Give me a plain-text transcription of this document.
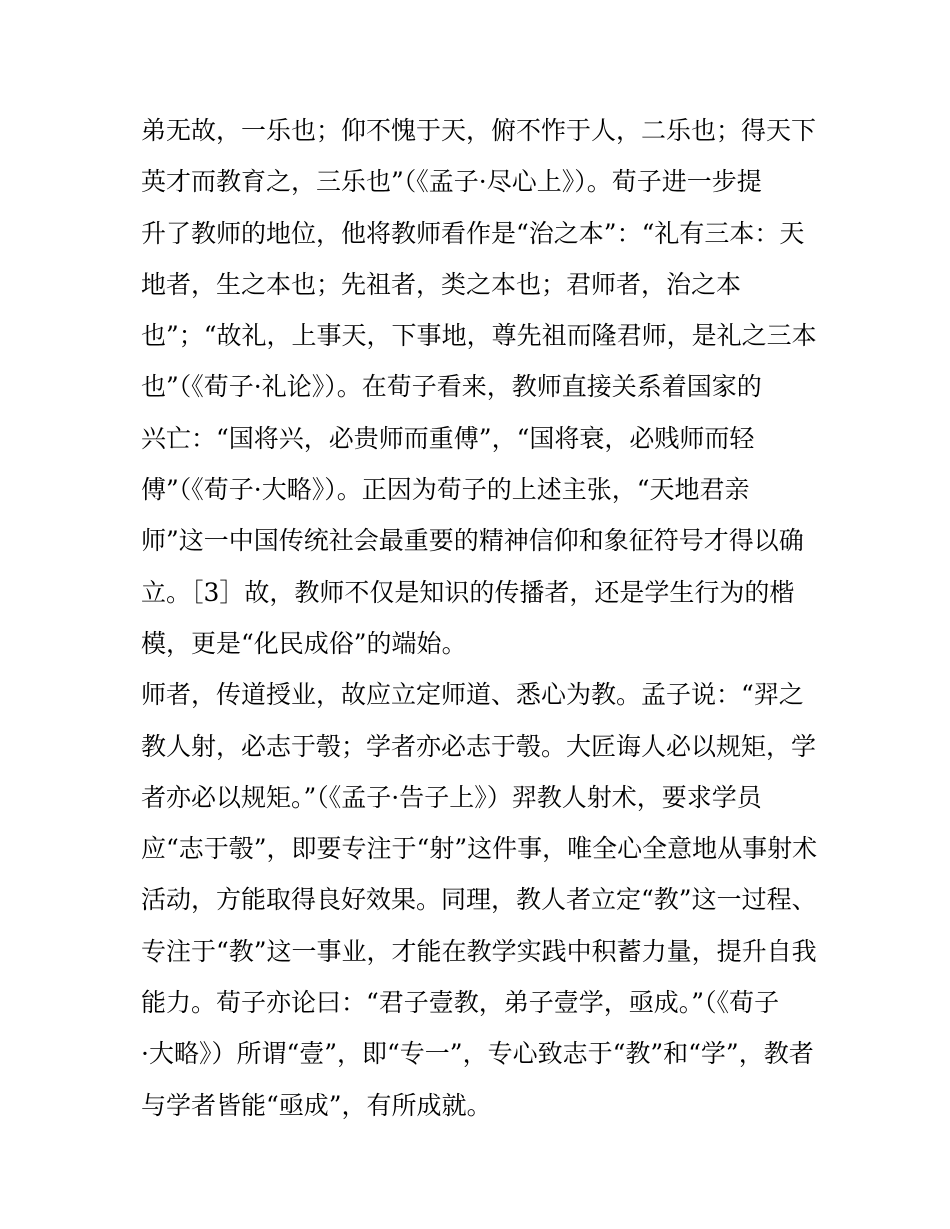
弟无故，一乐也；仰不愧于天，俯不怍于人，二乐也；得天下
英才而教育之，三乐也”（《孟子·尽心上》）。荀子进一步提
升了教师的地位，他将教师看作是“治之本”：“礼有三本：天
地者，生之本也；先祖者，类之本也；君师者，治之本
也”；“故礼，上事天，下事地，尊先祖而隆君师，是礼之三本
也”（《荀子·礼论》）。在荀子看来，教师直接关系着国家的
兴亡：“国将兴，必贵师而重傅”，“国将衰，必贱师而轻
傅”（《荀子·大略》）。正因为荀子的上述主张，“天地君亲
师”这一中国传统社会最重要的精神信仰和象征符号才得以确
立。［3］故，教师不仅是知识的传播者，还是学生行为的楷
模，更是“化民成俗”的端始。
师者，传道授业，故应立定师道、悉心为教。孟子说：“羿之
教人射，必志于彀；学者亦必志于彀。大匠诲人必以规矩，学
者亦必以规矩。”（《孟子·告子上》）羿教人射术，要求学员
应“志于彀”，即要专注于“射”这件事，唯全心全意地从事射术
活动，方能取得良好效果。同理，教人者立定“教”这一过程、
专注于“教”这一事业，才能在教学实践中积蓄力量，提升自我
能力。荀子亦论曰：“君子壹教，弟子壹学，亟成。”（《荀子
·大略》）所谓“壹”，即“专一”，专心致志于“教”和“学”，教者
与学者皆能“亟成”，有所成就。
